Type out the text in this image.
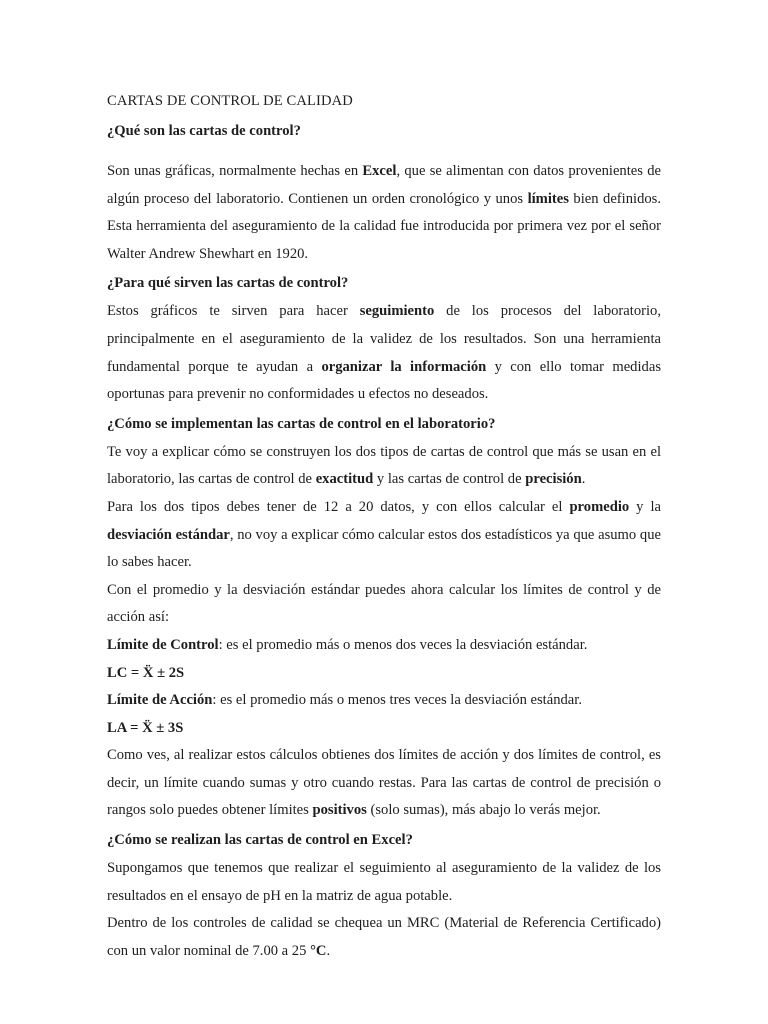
CARTAS DE CONTROL DE CALIDAD
¿Qué son las cartas de control?

Son unas gráficas, normalmente hechas en Excel, que se alimentan con datos provenientes de algún proceso del laboratorio. Contienen un orden cronológico y unos límites bien definidos. Esta herramienta del aseguramiento de la calidad fue introducida por primera vez por el señor Walter Andrew Shewhart en 1920.

¿Para qué sirven las cartas de control?

Estos gráficos te sirven para hacer seguimiento de los procesos del laboratorio, principalmente en el aseguramiento de la validez de los resultados. Son una herramienta fundamental porque te ayudan a organizar la información y con ello tomar medidas oportunas para prevenir no conformidades u efectos no deseados.

¿Cómo se implementan las cartas de control en el laboratorio?

Te voy a explicar cómo se construyen los dos tipos de cartas de control que más se usan en el laboratorio, las cartas de control de exactitud y las cartas de control de precisión.

Para los dos tipos debes tener de 12 a 20 datos, y con ellos calcular el promedio y la desviación estándar, no voy a explicar cómo calcular estos dos estadísticos ya que asumo que lo sabes hacer.

Con el promedio y la desviación estándar puedes ahora calcular los límites de control y de acción así:

Límite de Control: es el promedio más o menos dos veces la desviación estándar.

LC = Ẍ ± 2S

Límite de Acción: es el promedio más o menos tres veces la desviación estándar.

LA = Ẍ ± 3S

Como ves, al realizar estos cálculos obtienes dos límites de acción y dos límites de control, es decir, un límite cuando sumas y otro cuando restas. Para las cartas de control de precisión o rangos solo puedes obtener límites positivos (solo sumas), más abajo lo verás mejor.

¿Cómo se realizan las cartas de control en Excel?

Supongamos que tenemos que realizar el seguimiento al aseguramiento de la validez de los resultados en el ensayo de pH en la matriz de agua potable.

Dentro de los controles de calidad se chequea un MRC (Material de Referencia Certificado) con un valor nominal de 7.00 a 25 °C.
